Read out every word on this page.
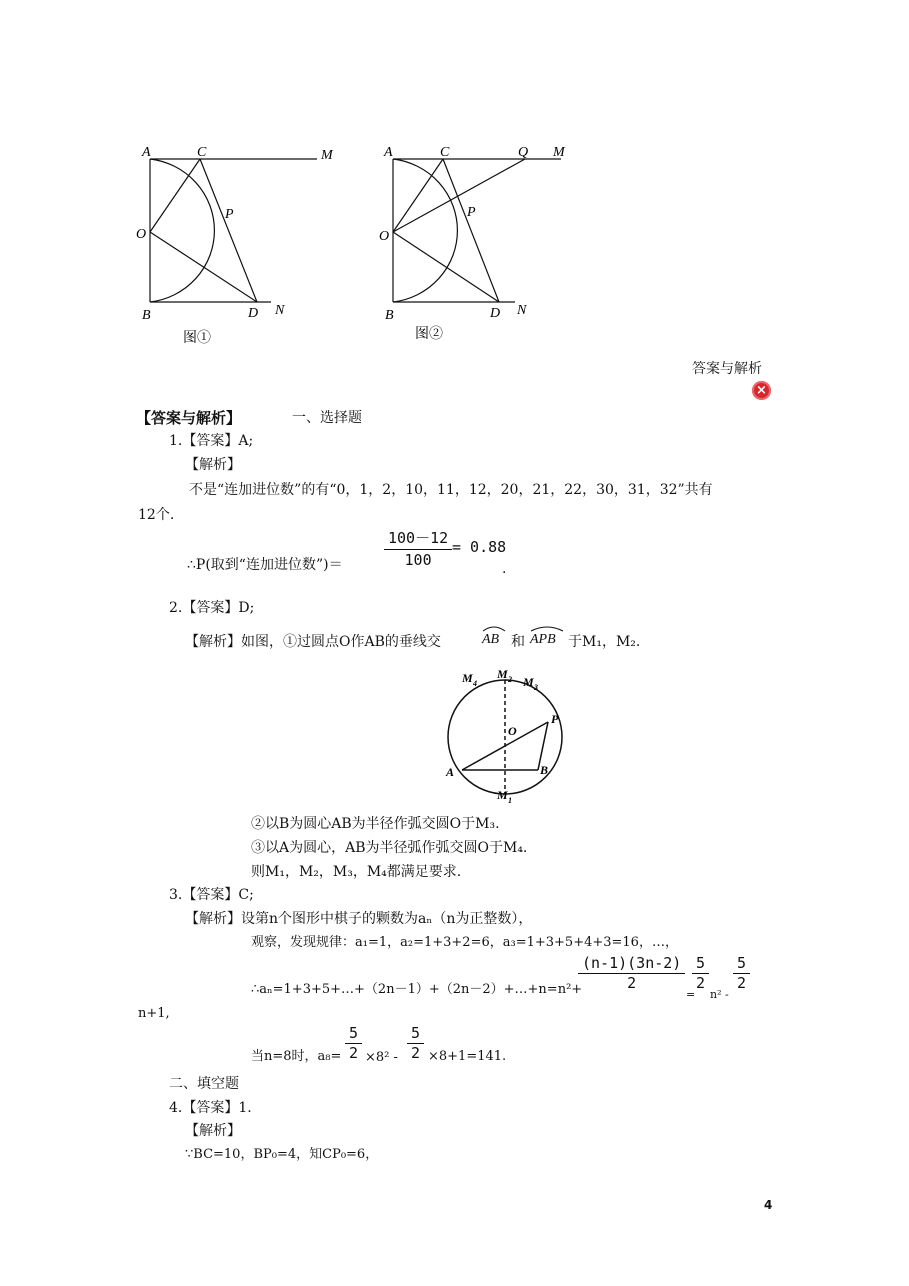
A	C
P
O
B	D N
图①
M	A	C	Q M
P
O
B	D N
图②
答案与解析
×
【答案与解析】	一、选择题
1.【答案】A;
【解析】
不是“连加进位数”的有“0，1，2，10，11，12，20，21，22，30，31，32”共有
12个.
$\frac{100-12}{100} = 0.88$
∴P(取到“连加进位数”)＝	.
2.【答案】D;
【解析】如图，①过圆点O作AB的垂线交	AB 和 APB 于M₁，M₂.
M 4
M 2 M 3
O
P
A	B
M 1
②以B为圆心AB为半径作弧交圆O于M₃.
③以A为圆心，AB为半径弧作弧交圆O于M₄.
则M₁，M₂，M₃，M₄都满足要求.
3.【答案】C;
【解析】设第n个图形中棋子的颗数为aₙ（n为正整数），
观察，发现规律：a₁=1，a₂=1+3+2=6，a₃=1+3+5+4+3=16，…，
∴aₙ=1+3+5+…+（2n－1）+（2n－2）+…+n=n²+
$\frac{(n-1)(3n-2)}{2}$
=
$\frac{5}{2}$
n² -
$\frac{5}{2}$
n+1,
当n=8时，$a_8= \frac{5}{2} \times 8^2 - \frac{5}{2} \times 8+1=141$.
二、填空题
4.【答案】1.
【解析】
∵BC=10，BP₀=4，知CP₀=6，
4
